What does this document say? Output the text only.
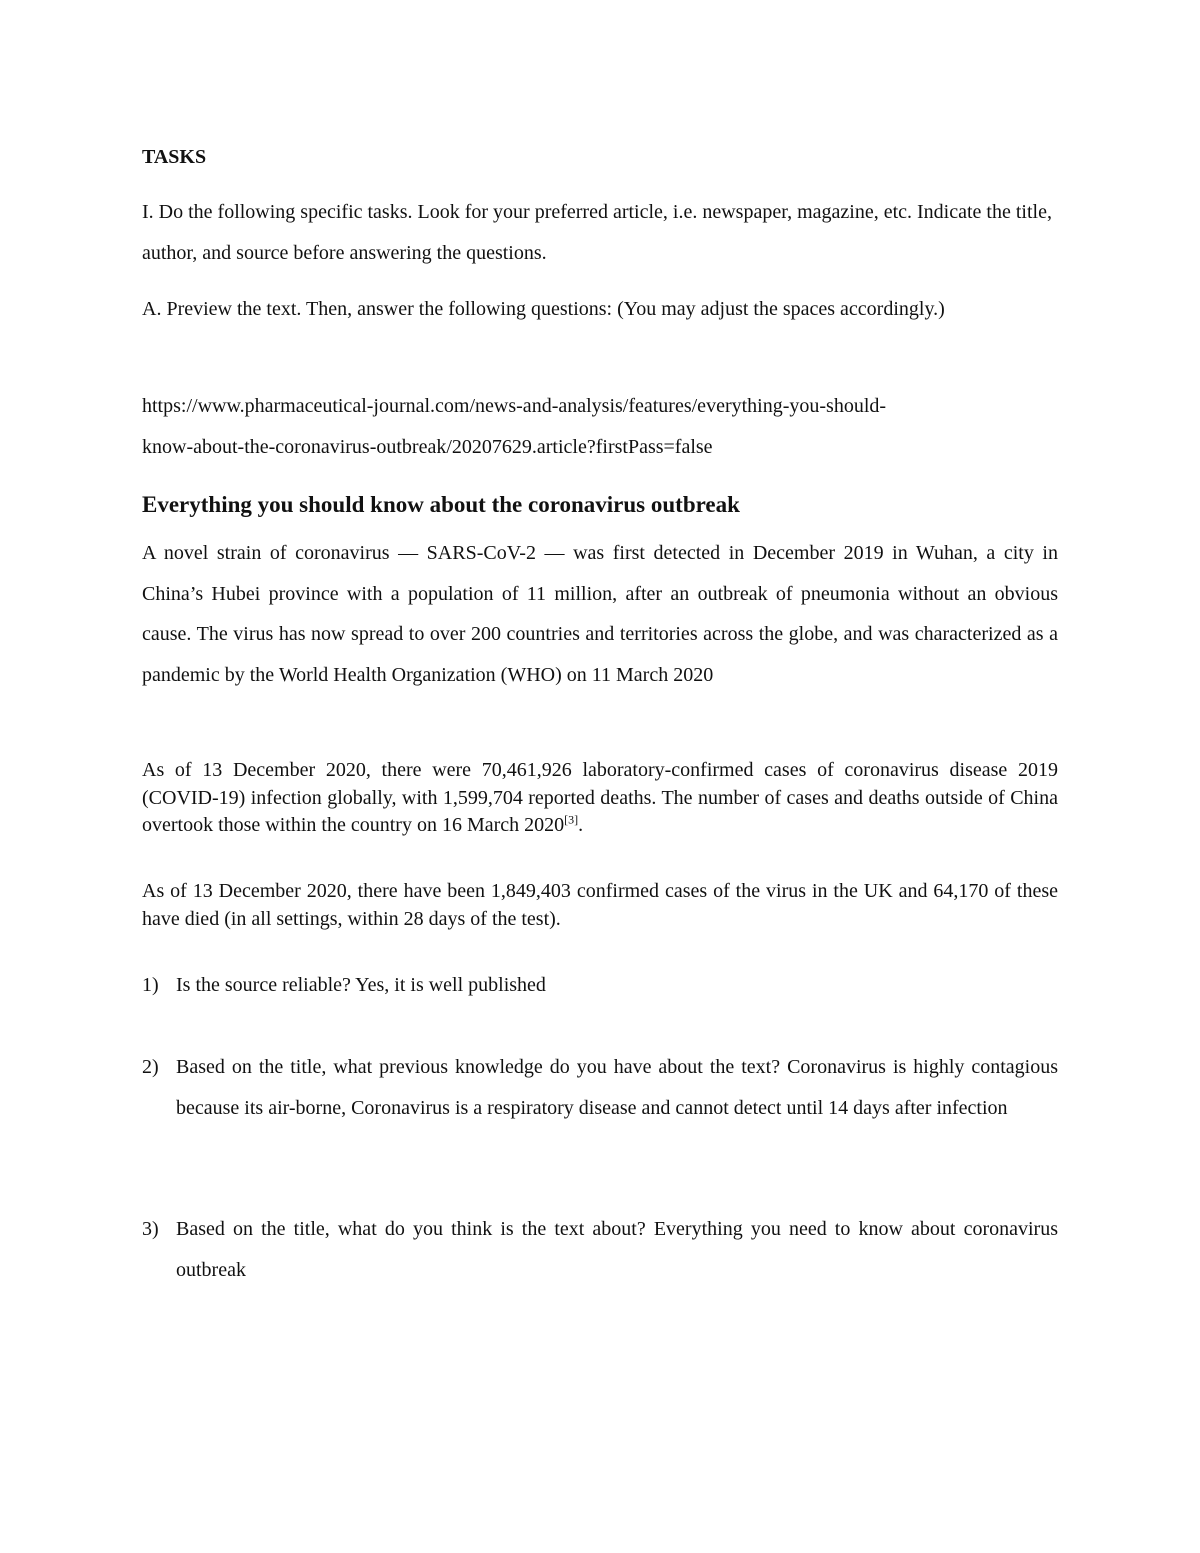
TASKS

I. Do the following specific tasks. Look for your preferred article, i.e. newspaper, magazine, etc. Indicate the title, author, and source before answering the questions.

A. Preview the text. Then, answer the following questions: (You may adjust the spaces accordingly.)

https://www.pharmaceutical-journal.com/news-and-analysis/features/everything-you-should-
know-about-the-coronavirus-outbreak/20207629.article?firstPass=false
Everything you should know about the coronavirus outbreak

A novel strain of coronavirus — SARS-CoV-2 — was first detected in December 2019 in Wuhan, a city in China’s Hubei province with a population of 11 million, after an outbreak of pneumonia without an obvious cause. The virus has now spread to over 200 countries and territories across the globe, and was characterized as a pandemic by the World Health Organization (WHO) on 11 March 2020

As of 13 December 2020, there were 70,461,926 laboratory-confirmed cases of coronavirus disease 2019 (COVID-19) infection globally, with 1,599,704 reported deaths. The number of cases and deaths outside of China overtook those within the country on 16 March 2020[3].

As of 13 December 2020, there have been 1,849,403 confirmed cases of the virus in the UK and 64,170 of these have died (in all settings, within 28 days of the test).

1) Is the source reliable? Yes, it is well published
2) Based on the title, what previous knowledge do you have about the text? Coronavirus is highly contagious because its air-borne, Coronavirus is a respiratory disease and cannot detect until 14 days after infection
3) Based on the title, what do you think is the text about? Everything you need to know about coronavirus outbreak
